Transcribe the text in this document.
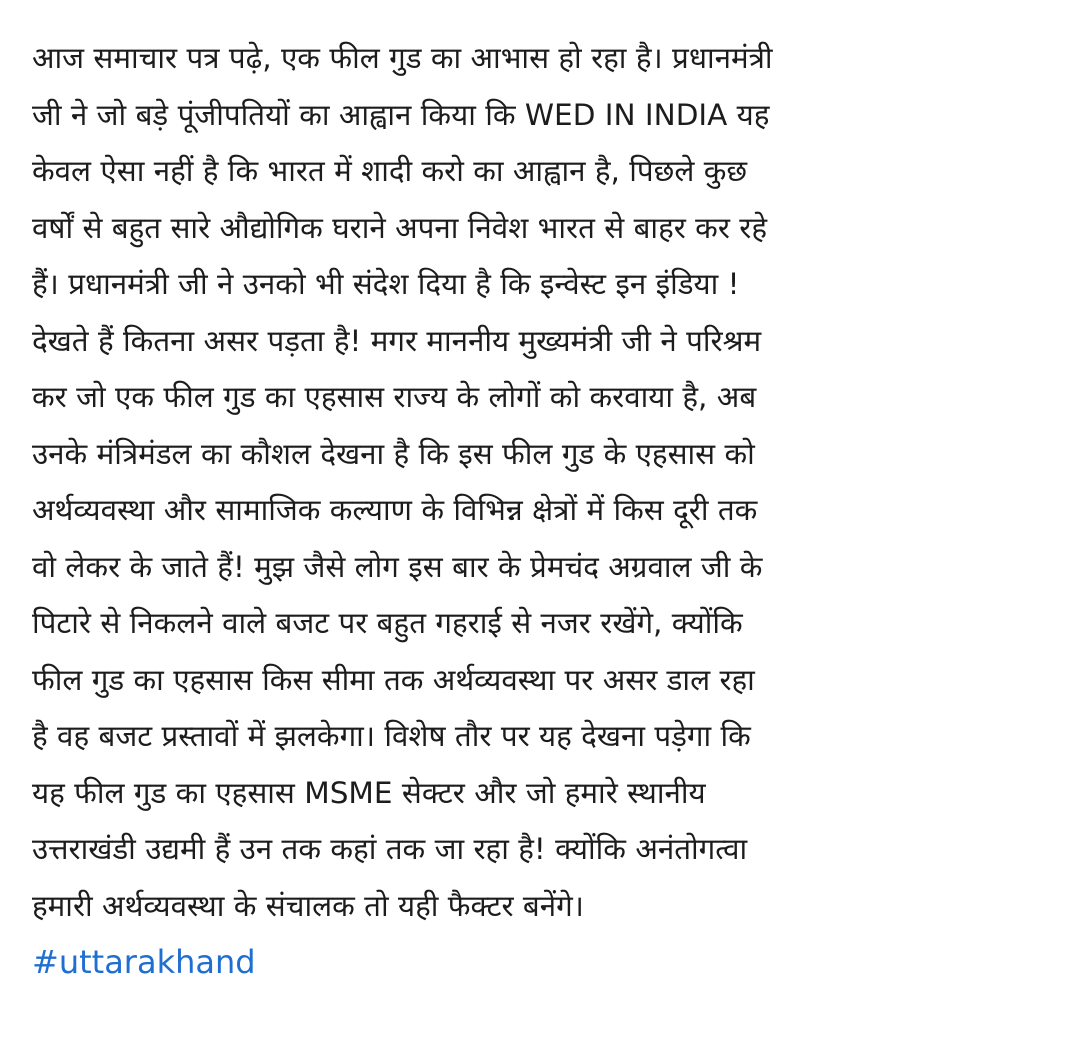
आज समाचार पत्र पढ़े, एक फील गुड का आभास हो रहा है। प्रधानमंत्री
जी ने जो बड़े पूंजीपतियों का आह्वान किया कि WED IN INDIA यह
केवल ऐसा नहीं है कि भारत में शादी करो का आह्वान है, पिछले कुछ
वर्षों से बहुत सारे औद्योगिक घराने अपना निवेश भारत से बाहर कर रहे
हैं। प्रधानमंत्री जी ने उनको भी संदेश दिया है कि इन्वेस्ट इन इंडिया !
देखते हैं कितना असर पड़ता है! मगर माननीय मुख्यमंत्री जी ने परिश्रम
कर जो एक फील गुड का एहसास राज्य के लोगों को करवाया है, अब
उनके मंत्रिमंडल का कौशल देखना है कि इस फील गुड के एहसास को
अर्थव्यवस्था और सामाजिक कल्याण के विभिन्न क्षेत्रों में किस दूरी तक
वो लेकर के जाते हैं! मुझ जैसे लोग इस बार के प्रेमचंद अग्रवाल जी के
पिटारे से निकलने वाले बजट पर बहुत गहराई से नजर रखेंगे, क्योंकि
फील गुड का एहसास किस सीमा तक अर्थव्यवस्था पर असर डाल रहा
है वह बजट प्रस्तावों में झलकेगा। विशेष तौर पर यह देखना पड़ेगा कि
यह फील गुड का एहसास MSME सेक्टर और जो हमारे स्थानीय
उत्तराखंडी उद्यमी हैं उन तक कहां तक जा रहा है! क्योंकि अनंतोगत्वा
हमारी अर्थव्यवस्था के संचालक तो यही फैक्टर बनेंगे।
#uttarakhand
